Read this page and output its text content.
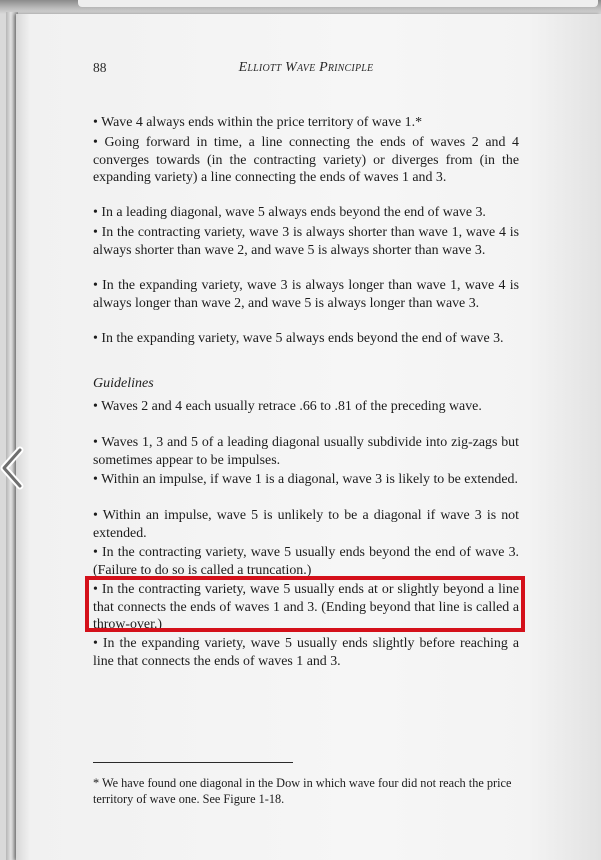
88	Elliott Wave Principle
• Wave 4 always ends within the price territory of wave 1.*
• Going forward in time, a line connecting the ends of waves 2 and 4 converges towards (in the contracting variety) or diverges from (in the expanding variety) a line connecting the ends of waves 1 and 3.
• In a leading diagonal, wave 5 always ends beyond the end of wave 3.
• In the contracting variety, wave 3 is always shorter than wave 1, wave 4 is always shorter than wave 2, and wave 5 is always shorter than wave 3.
• In the expanding variety, wave 3 is always longer than wave 1, wave 4 is always longer than wave 2, and wave 5 is always longer than wave 3.
• In the expanding variety, wave 5 always ends beyond the end of wave 3.
Guidelines
• Waves 2 and 4 each usually retrace .66 to .81 of the preceding wave.
• Waves 1, 3 and 5 of a leading diagonal usually subdivide into zig-zags but sometimes appear to be impulses.
• Within an impulse, if wave 1 is a diagonal, wave 3 is likely to be extended.
• Within an impulse, wave 5 is unlikely to be a diagonal if wave 3 is not extended.
• In the contracting variety, wave 5 usually ends beyond the end of wave 3. (Failure to do so is called a truncation.)
• In the contracting variety, wave 5 usually ends at or slightly beyond a line that connects the ends of waves 1 and 3. (Ending beyond that line is called a throw-over.)
• In the expanding variety, wave 5 usually ends slightly before reaching a line that connects the ends of waves 1 and 3.
* We have found one diagonal in the Dow in which wave four did not reach the price territory of wave one. See Figure 1-18.
